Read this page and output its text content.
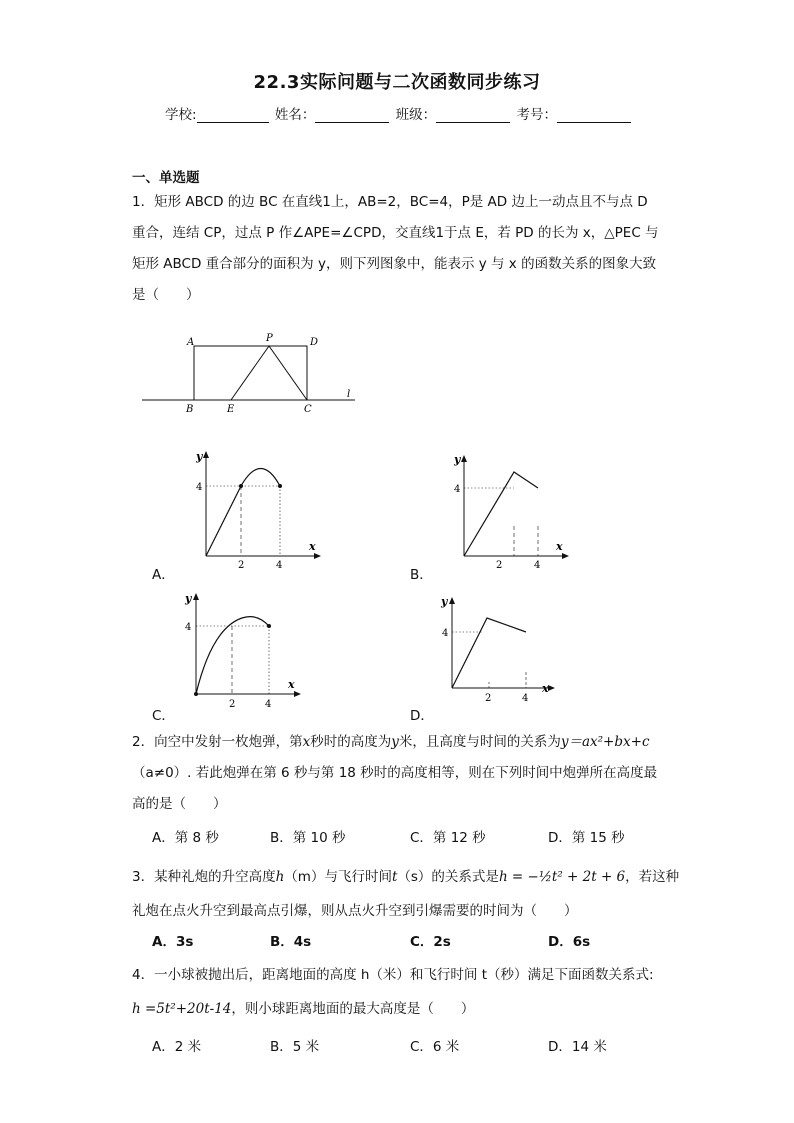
22.3实际问题与二次函数同步练习
学校:	姓名：	班级：	考号：
一、单选题

1．矩形 ABCD 的边 BC 在直线1上，AB=2，BC=4，P是 AD 边上一动点且不与点 D

重合，连结 CP，过点 P 作∠APE=∠CPD，交直线1于点 E，若 PD 的长为 x，△PEC 与

矩形 ABCD 重合部分的面积为 y，则下列图象中，能表示 y 与 x 的函数关系的图象大致

是（　　）

A	P	D
B	E	C
l
A．
y
x
4
2	4
B．
y
x
4
2	4
C．
y
x
4
2	4
D．
y
x
4
2	4

2．向空中发射一枚炮弹，第x秒时的高度为y米，且高度与时间的关系为y＝ax²+bx+c

（a≠0）. 若此炮弹在第 6 秒与第 18 秒时的高度相等，则在下列时间中炮弹所在高度最

高的是（　　）

A．第 8 秒	B．第 10 秒	C．第 12 秒	D．第 15 秒

3．某种礼炮的升空高度h（m）与飞行时间t（s）的关系式是h = −½t² + 2t + 6，若这种

礼炮在点火升空到最高点引爆，则从点火升空到引爆需要的时间为（　　）

A．3s	B．4s	C．2s	D．6s

4．一小球被抛出后，距离地面的高度 h（米）和飞行时间 t（秒）满足下面函数关系式:

h =5t²+20t-14，则小球距离地面的最大高度是（　　）

A．2 米	B．5 米	C．6 米	D．14 米
